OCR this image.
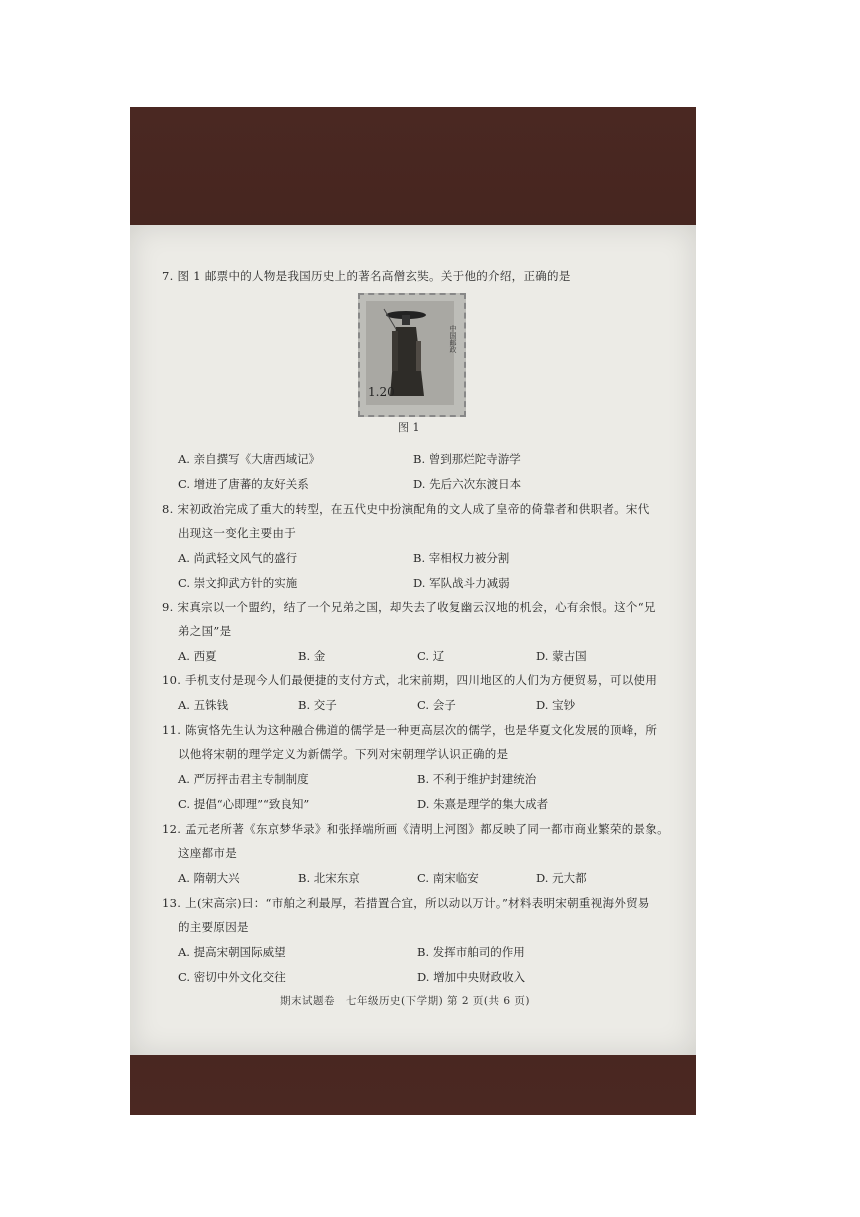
7. 图 1 邮票中的人物是我国历史上的著名高僧玄奘。关于他的介绍，正确的是
1.20
中国邮政
图 1
A. 亲自撰写《大唐西域记》	B. 曾到那烂陀寺游学
C. 增进了唐蕃的友好关系	D. 先后六次东渡日本
8. 宋初政治完成了重大的转型，在五代史中扮演配角的文人成了皇帝的倚靠者和供职者。宋代
出现这一变化主要由于
A. 尚武轻文风气的盛行	B. 宰相权力被分割
C. 崇文抑武方针的实施	D. 军队战斗力减弱
9. 宋真宗以一个盟约，结了一个兄弟之国，却失去了收复幽云汉地的机会，心有余恨。这个“兄
弟之国”是
A. 西夏	B. 金	C. 辽	D. 蒙古国
10. 手机支付是现今人们最便捷的支付方式，北宋前期，四川地区的人们为方便贸易，可以使用
A. 五铢钱	B. 交子	C. 会子	D. 宝钞
11. 陈寅恪先生认为这种融合佛道的儒学是一种更高层次的儒学，也是华夏文化发展的顶峰，所
以他将宋朝的理学定义为新儒学。下列对宋朝理学认识正确的是
A. 严厉抨击君主专制制度	B. 不利于维护封建统治
C. 提倡“心即理”“致良知”	D. 朱熹是理学的集大成者
12. 孟元老所著《东京梦华录》和张择端所画《清明上河图》都反映了同一都市商业繁荣的景象。
这座都市是
A. 隋朝大兴	B. 北宋东京	C. 南宋临安	D. 元大都
13. 上(宋高宗)曰：“市舶之利最厚，若措置合宜，所以动以万计。”材料表明宋朝重视海外贸易
的主要原因是
A. 提高宋朝国际威望	B. 发挥市舶司的作用
C. 密切中外文化交往	D. 增加中央财政收入
期末试题卷　七年级历史(下学期) 第 2 页(共 6 页)
